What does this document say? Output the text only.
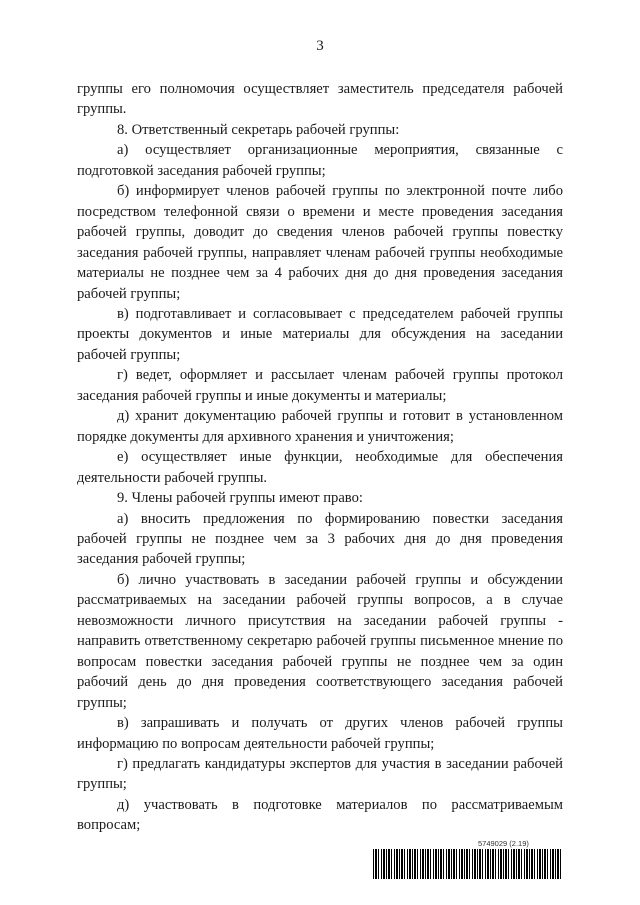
3

группы его полномочия осуществляет заместитель председателя рабочей группы.

8. Ответственный секретарь рабочей группы:

а) осуществляет организационные мероприятия, связанные с подготовкой заседания рабочей группы;

б) информирует членов рабочей группы по электронной почте либо посредством телефонной связи о времени и месте проведения заседания рабочей группы, доводит до сведения членов рабочей группы повестку заседания рабочей группы, направляет членам рабочей группы необходимые материалы не позднее чем за 4 рабочих дня до дня проведения заседания рабочей группы;

в) подготавливает и согласовывает с председателем рабочей группы проекты документов и иные материалы для обсуждения на заседании рабочей группы;

г) ведет, оформляет и рассылает членам рабочей группы протокол заседания рабочей группы и иные документы и материалы;

д) хранит документацию рабочей группы и готовит в установленном порядке документы для архивного хранения и уничтожения;

е) осуществляет иные функции, необходимые для обеспечения деятельности рабочей группы.

9. Члены рабочей группы имеют право:

а) вносить предложения по формированию повестки заседания рабочей группы не позднее чем за 3 рабочих дня до дня проведения заседания рабочей группы;

б) лично участвовать в заседании рабочей группы и обсуждении рассматриваемых на заседании рабочей группы вопросов, а в случае невозможности личного присутствия на заседании рабочей группы - направить ответственному секретарю рабочей группы письменное мнение по вопросам повестки заседания рабочей группы не позднее чем за один рабочий день до дня проведения соответствующего заседания рабочей группы;

в) запрашивать и получать от других членов рабочей группы информацию по вопросам деятельности рабочей группы;

г) предлагать кандидатуры экспертов для участия в заседании рабочей группы;

д) участвовать в подготовке материалов по рассматриваемым вопросам;

5749029 (2.19)
